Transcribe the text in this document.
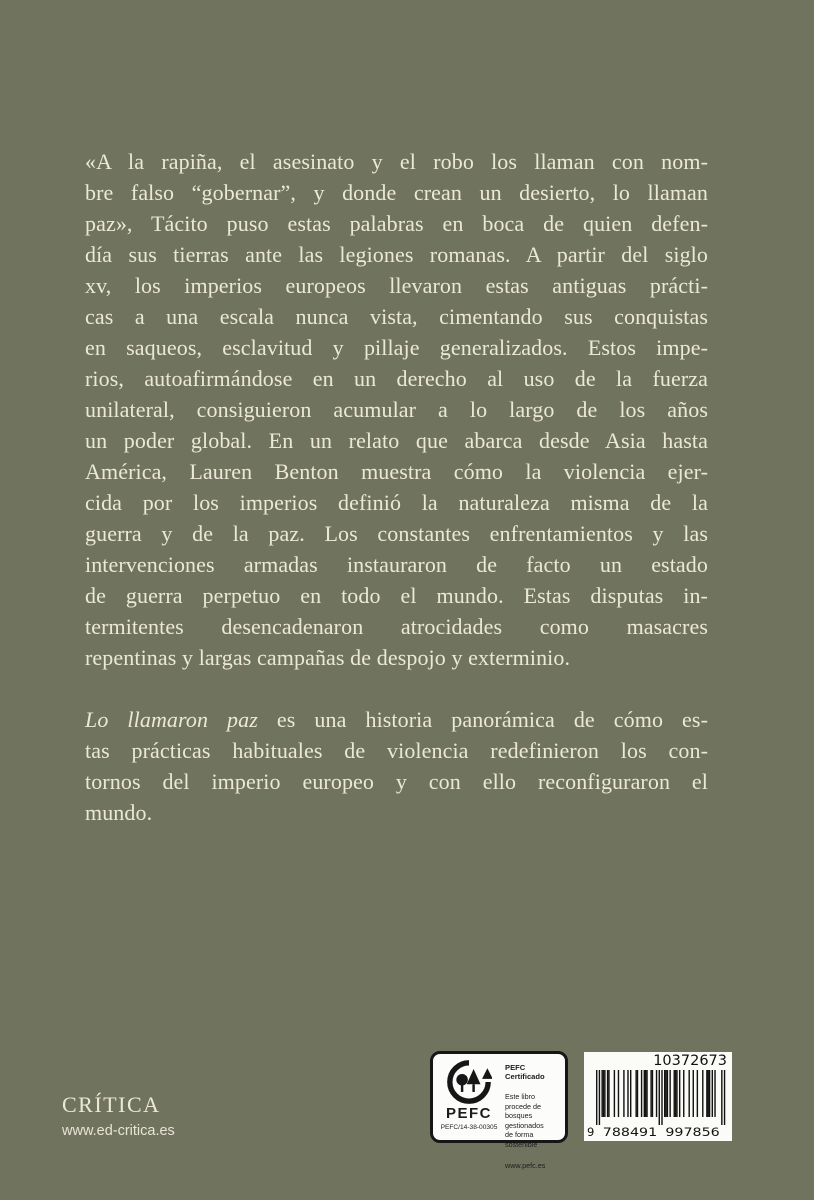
«A la rapiña, el asesinato y el robo los llaman con nom-
bre falso “gobernar”, y donde crean un desierto, lo llaman
paz», Tácito puso estas palabras en boca de quien defen-
día sus tierras ante las legiones romanas. A partir del siglo
xv, los imperios europeos llevaron estas antiguas prácti-
cas a una escala nunca vista, cimentando sus conquistas
en saqueos, esclavitud y pillaje generalizados. Estos impe-
rios, autoafirmándose en un derecho al uso de la fuerza
unilateral, consiguieron acumular a lo largo de los años
un poder global. En un relato que abarca desde Asia hasta
América, Lauren Benton muestra cómo la violencia ejer-
cida por los imperios definió la naturaleza misma de la
guerra y de la paz. Los constantes enfrentamientos y las
intervenciones armadas instauraron de facto un estado
de guerra perpetuo en todo el mundo. Estas disputas in-
termitentes desencadenaron atrocidades como masacres
repentinas y largas campañas de despojo y exterminio.
Lo llamaron paz es una historia panorámica de cómo es-
tas prácticas habituales de violencia redefinieron los con-
tornos del imperio europeo y con ello reconfiguraron el
mundo.
CRÍTICA
www.ed-critica.es
PEFC
PEFC/14-38-00305
PEFC Certificado
Este libro procede de
bosques gestionados
de forma sostenible
www.pefc.es
10372673
9 788491 997856
